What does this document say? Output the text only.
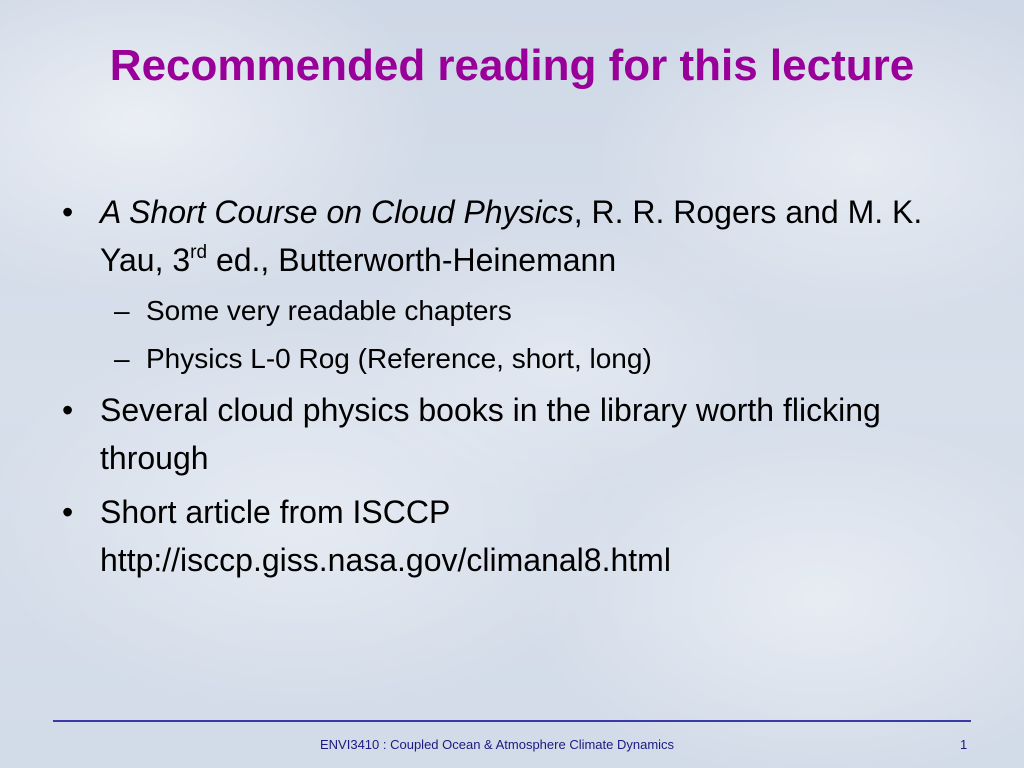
Recommended reading for this lecture
• A Short Course on Cloud Physics, R. R. Rogers and M. K. Yau, 3rd ed., Butterworth-Heinemann
– Some very readable chapters
– Physics L-0 Rog (Reference, short, long)
• Several cloud physics books in the library worth flicking through
• Short article from ISCCP
http://isccp.giss.nasa.gov/climanal8.html
ENVI3410 : Coupled Ocean & Atmosphere Climate Dynamics	1
